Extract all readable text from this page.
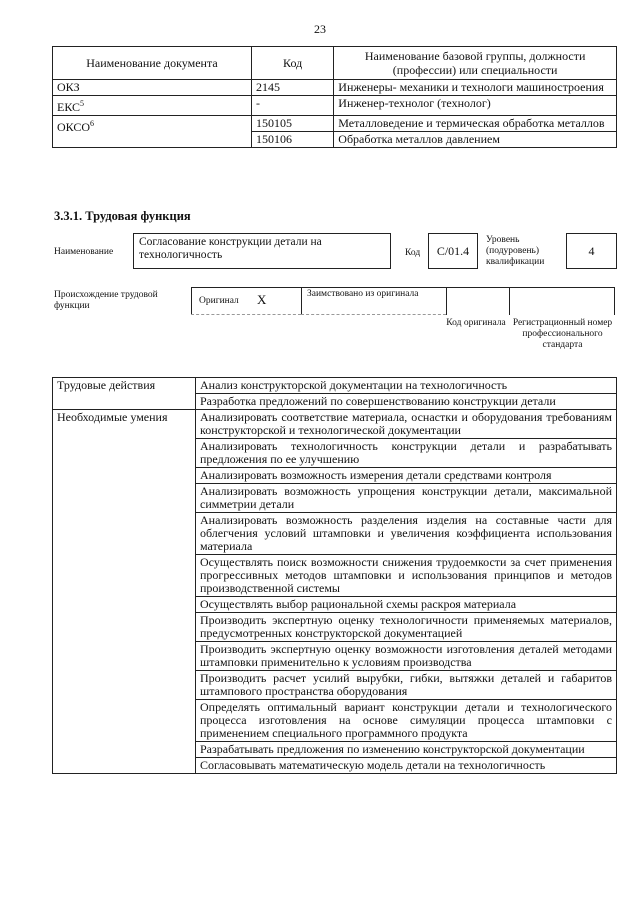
23
Наименование документа	Код	Наименование базовой группы, должности (профессии) или специальности
ОКЗ	2145	Инженеры- механики и технологи машиностроения
ЕКС$^5$	-	Инженер-технолог (технолог)
ОКСО$^6$	150105	Металловедение и термическая обработка металлов
	150106	Обработка металлов давлением
3.3.1. Трудовая функция
Наименование
Согласование конструкции детали на технологичность	Код	С/01.4
Уровень (подуровень) квалификации
4
Происхождение трудовой функции	Оригинал X	Заимствовано из оригинала
Код оригинала Регистрационный номер профессионального стандарта
Трудовые действия	Анализ конструкторской документации на технологичность
	Разработка предложений по совершенствованию конструкции детали
Необходимые умения	Анализировать соответствие материала, оснастки и оборудования требованиям конструкторской и технологической документации
	Анализировать технологичность конструкции детали и разрабатывать предложения по ее улучшению
	Анализировать возможность измерения детали средствами контроля
	Анализировать возможность упрощения конструкции детали, максимальной симметрии детали
	Анализировать возможность разделения изделия на составные части для облегчения условий штамповки и увеличения коэффициента использования материала
	Осуществлять поиск возможности снижения трудоемкости за счет применения прогрессивных методов штамповки и использования принципов и методов производственной системы
	Осуществлять выбор рациональной схемы раскроя материала
	Производить экспертную оценку технологичности применяемых материалов, предусмотренных конструкторской документацией
	Производить экспертную оценку возможности изготовления деталей методами штамповки применительно к условиям производства
	Производить расчет усилий вырубки, гибки, вытяжки деталей и габаритов штампового пространства оборудования
	Определять оптимальный вариант конструкции детали и технологического процесса изготовления на основе симуляции процесса штамповки с применением специального программного продукта
	Разрабатывать предложения по изменению конструкторской документации
	Согласовывать математическую модель детали на технологичность
